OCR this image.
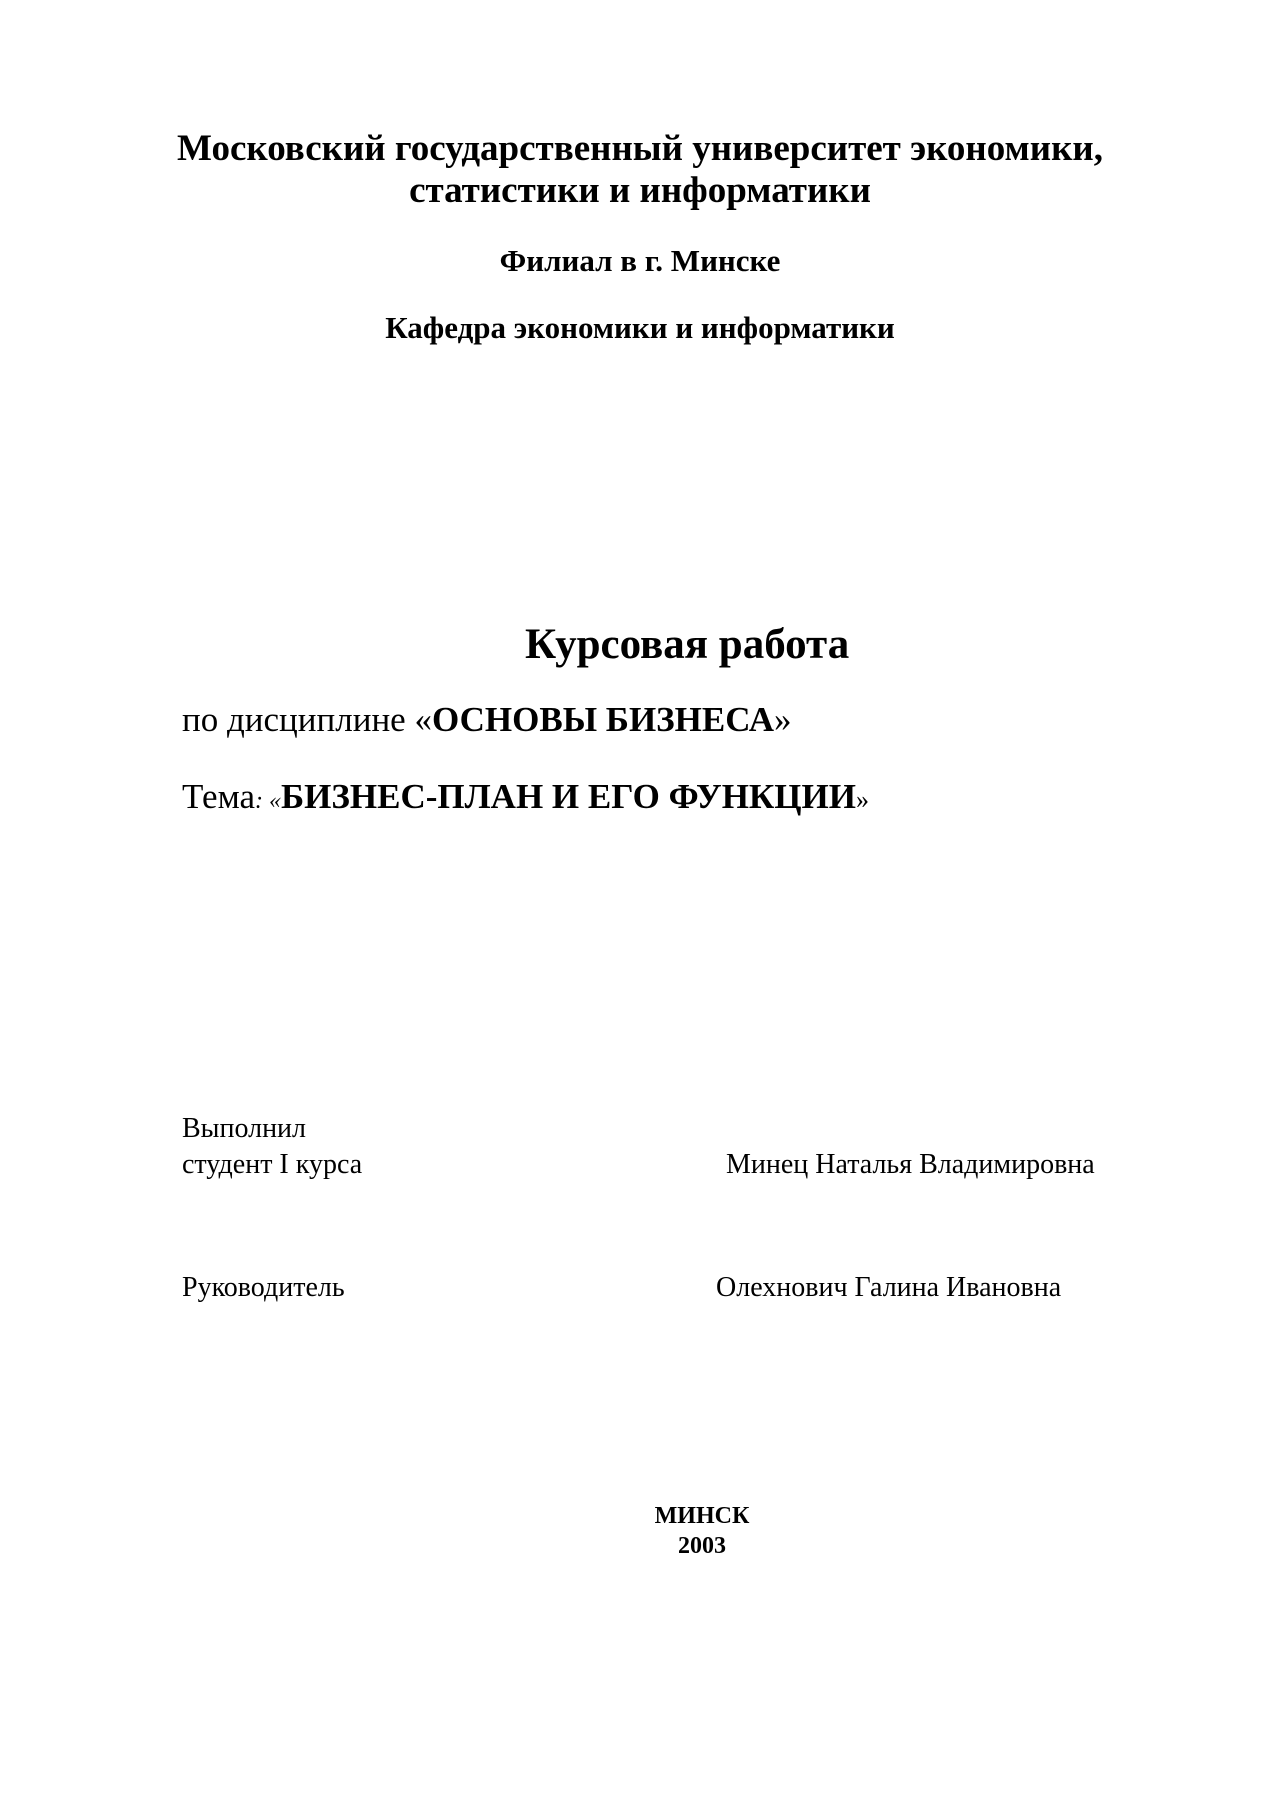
Московский государственный университет экономики,
статистики и информатики
Филиал в г. Минске
Кафедра экономики и информатики
Курсовая работа
по дисциплине «ОСНОВЫ БИЗНЕСА»
Тема: «БИЗНЕС-ПЛАН И ЕГО ФУНКЦИИ»
Выполнил
студент I курса	Минец Наталья Владимировна
Руководитель	Олехнович Галина Ивановна
МИНСК
2003
